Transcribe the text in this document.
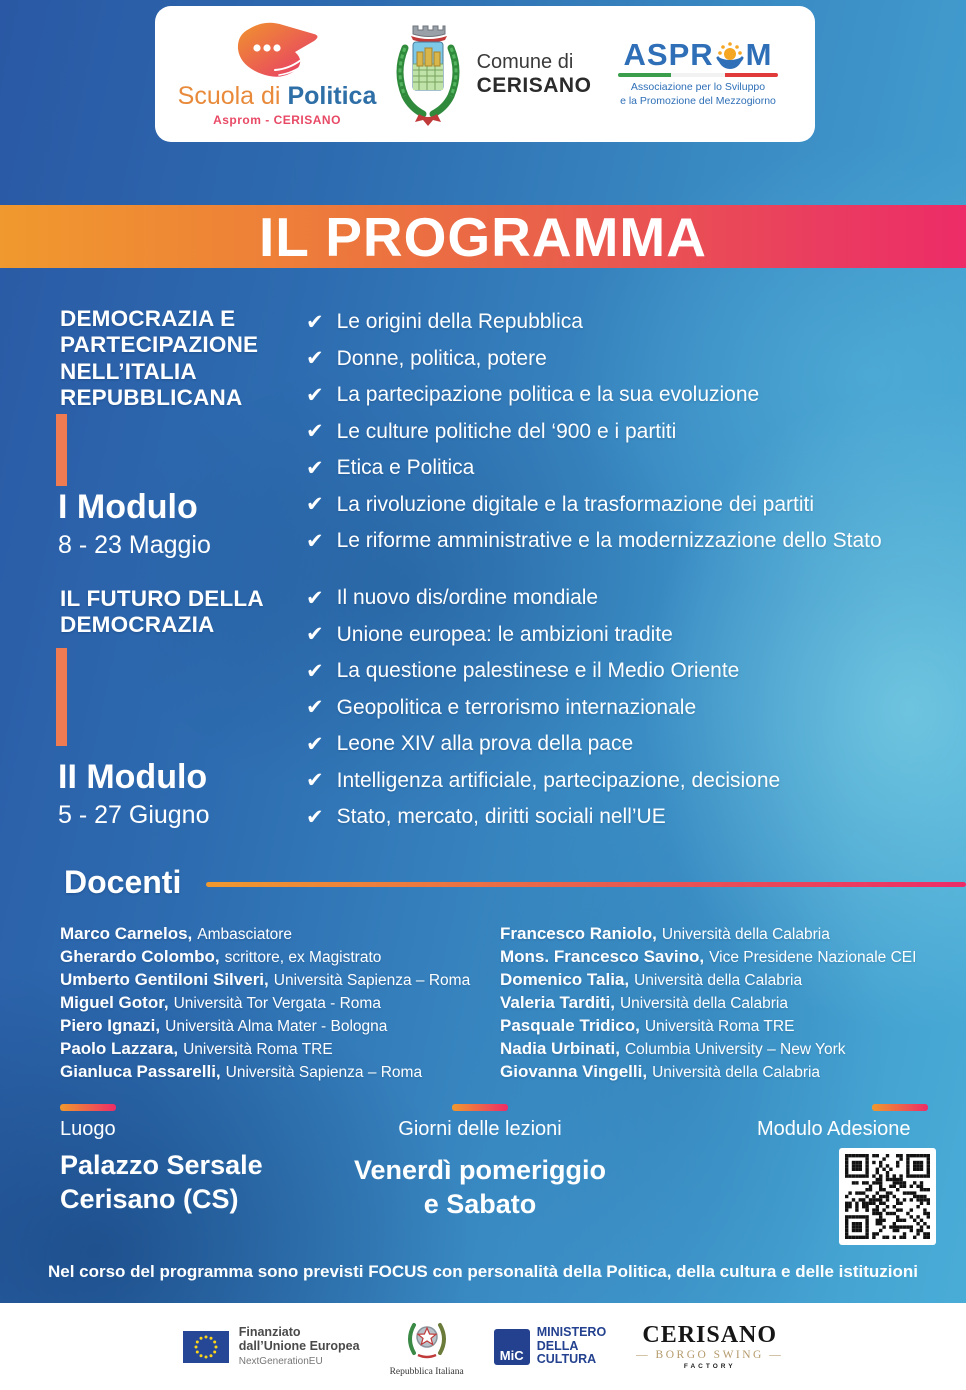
Scuola di Politica
Asprom - CERISANO
Comune di
CERISANO
ASPR M
Associazione per lo Sviluppo
e la Promozione del Mezzogiorno
IL PROGRAMMA
DEMOCRAZIA E PARTECIPAZIONE NELL’ITALIA REPUBBLICANA
I Modulo
8 - 23 Maggio
✔ Le origini della Repubblica
✔ Donne, politica, potere
✔ La partecipazione politica e la sua evoluzione
✔ Le culture politiche del ‘900 e i partiti
✔ Etica e Politica
✔ La rivoluzione digitale e la trasformazione dei partiti
✔ Le riforme amministrative e la modernizzazione dello Stato
IL FUTURO DELLA DEMOCRAZIA
II Modulo
5 - 27 Giugno
✔ Il nuovo dis/ordine mondiale
✔ Unione europea: le ambizioni tradite
✔ La questione palestinese e il Medio Oriente
✔ Geopolitica e terrorismo internazionale
✔ Leone XIV alla prova della pace
✔ Intelligenza artificiale, partecipazione, decisione
✔ Stato, mercato, diritti sociali nell’UE
Docenti
Marco Carnelos, Ambasciatore
Gherardo Colombo, scrittore, ex Magistrato
Umberto Gentiloni Silveri, Università Sapienza – Roma
Miguel Gotor, Università Tor Vergata - Roma
Piero Ignazi, Università Alma Mater - Bologna
Paolo Lazzara, Università Roma TRE
Gianluca Passarelli, Università Sapienza – Roma
Francesco Raniolo, Università della Calabria
Mons. Francesco Savino, Vice Presidene Nazionale CEI
Domenico Talia, Università della Calabria
Valeria Tarditi, Università della Calabria
Pasquale Tridico, Università Roma TRE
Nadia Urbinati, Columbia University – New York
Giovanna Vingelli, Università della Calabria
Luogo
Palazzo Sersale
Cerisano (CS)
Giorni delle lezioni
Venerdì pomeriggio
e Sabato
Modulo Adesione
Nel corso del programma sono previsti FOCUS con personalità della Politica, della cultura e delle istituzioni
Finanziato
dall’Unione Europea
NextGenerationEU
Repubblica Italiana
MiC
MINISTERO
DELLA
CULTURA
CERISANO
— BORGO SWING —
FACTORY
